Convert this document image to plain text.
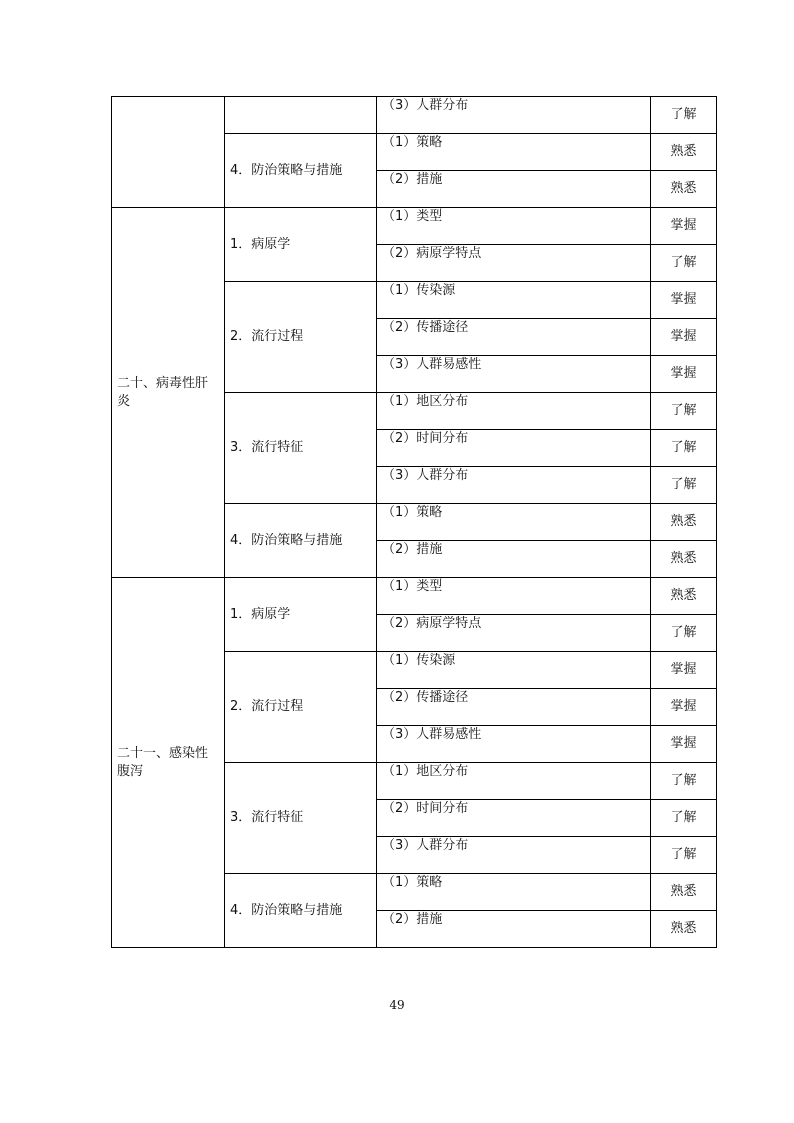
		（3）人群分布	了解
	4．防治策略与措施	（1）策略	熟悉
		（2）措施	熟悉
二十、病毒性肝炎	1．病原学	（1）类型	掌握
		（2）病原学特点	了解
	2．流行过程	（1）传染源	掌握
		（2）传播途径	掌握
		（3）人群易感性	掌握
	3．流行特征	（1）地区分布	了解
		（2）时间分布	了解
		（3）人群分布	了解
	4．防治策略与措施	（1）策略	熟悉
		（2）措施	熟悉
二十一、感染性腹泻	1．病原学	（1）类型	熟悉
		（2）病原学特点	了解
	2．流行过程	（1）传染源	掌握
		（2）传播途径	掌握
		（3）人群易感性	掌握
	3．流行特征	（1）地区分布	了解
		（2）时间分布	了解
		（3）人群分布	了解
	4．防治策略与措施	（1）策略	熟悉
		（2）措施	熟悉
49
